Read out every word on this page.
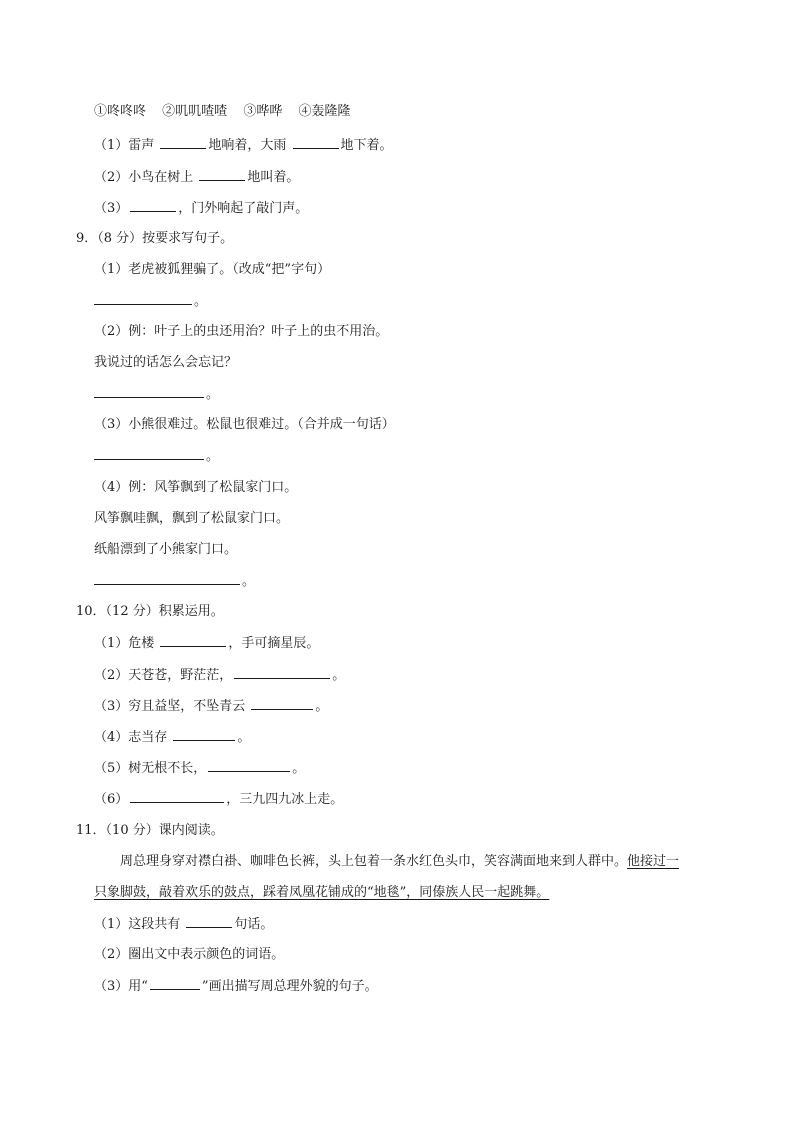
①咚咚咚 ②叽叽喳喳 ③哗哗 ④轰隆隆
（1）雷声	地响着，大雨	地下着。
（2）小鸟在树上	地叫着。
（3）	，门外响起了敲门声。
9．（8 分）按要求写句子。
（1）老虎被狐狸骗了。（改成“把”字句）
。
（2）例：叶子上的虫还用治？叶子上的虫不用治。
我说过的话怎么会忘记？
。
（3）小熊很难过。松鼠也很难过。（合并成一句话）
。
（4）例：风筝飘到了松鼠家门口。
风筝飘哇飘，飘到了松鼠家门口。
纸船漂到了小熊家门口。
。
10．（12 分）积累运用。
（1）危楼	，手可摘星辰。
（2）天苍苍，野茫茫，	。
（3）穷且益坚，不坠青云	。
（4）志当存	。
（5）树无根不长，	。
（6）	，三九四九冰上走。
11．（10 分）课内阅读。
周总理身穿对襟白褂、咖啡色长裤，头上包着一条水红色头巾，笑容满面地来到人群中。他接过一
只象脚鼓，敲着欢乐的鼓点，踩着凤凰花铺成的“地毯”，同傣族人民一起跳舞。
（1）这段共有	句话。
（2）圈出文中表示颜色的词语。
（3）用“	”画出描写周总理外貌的句子。
